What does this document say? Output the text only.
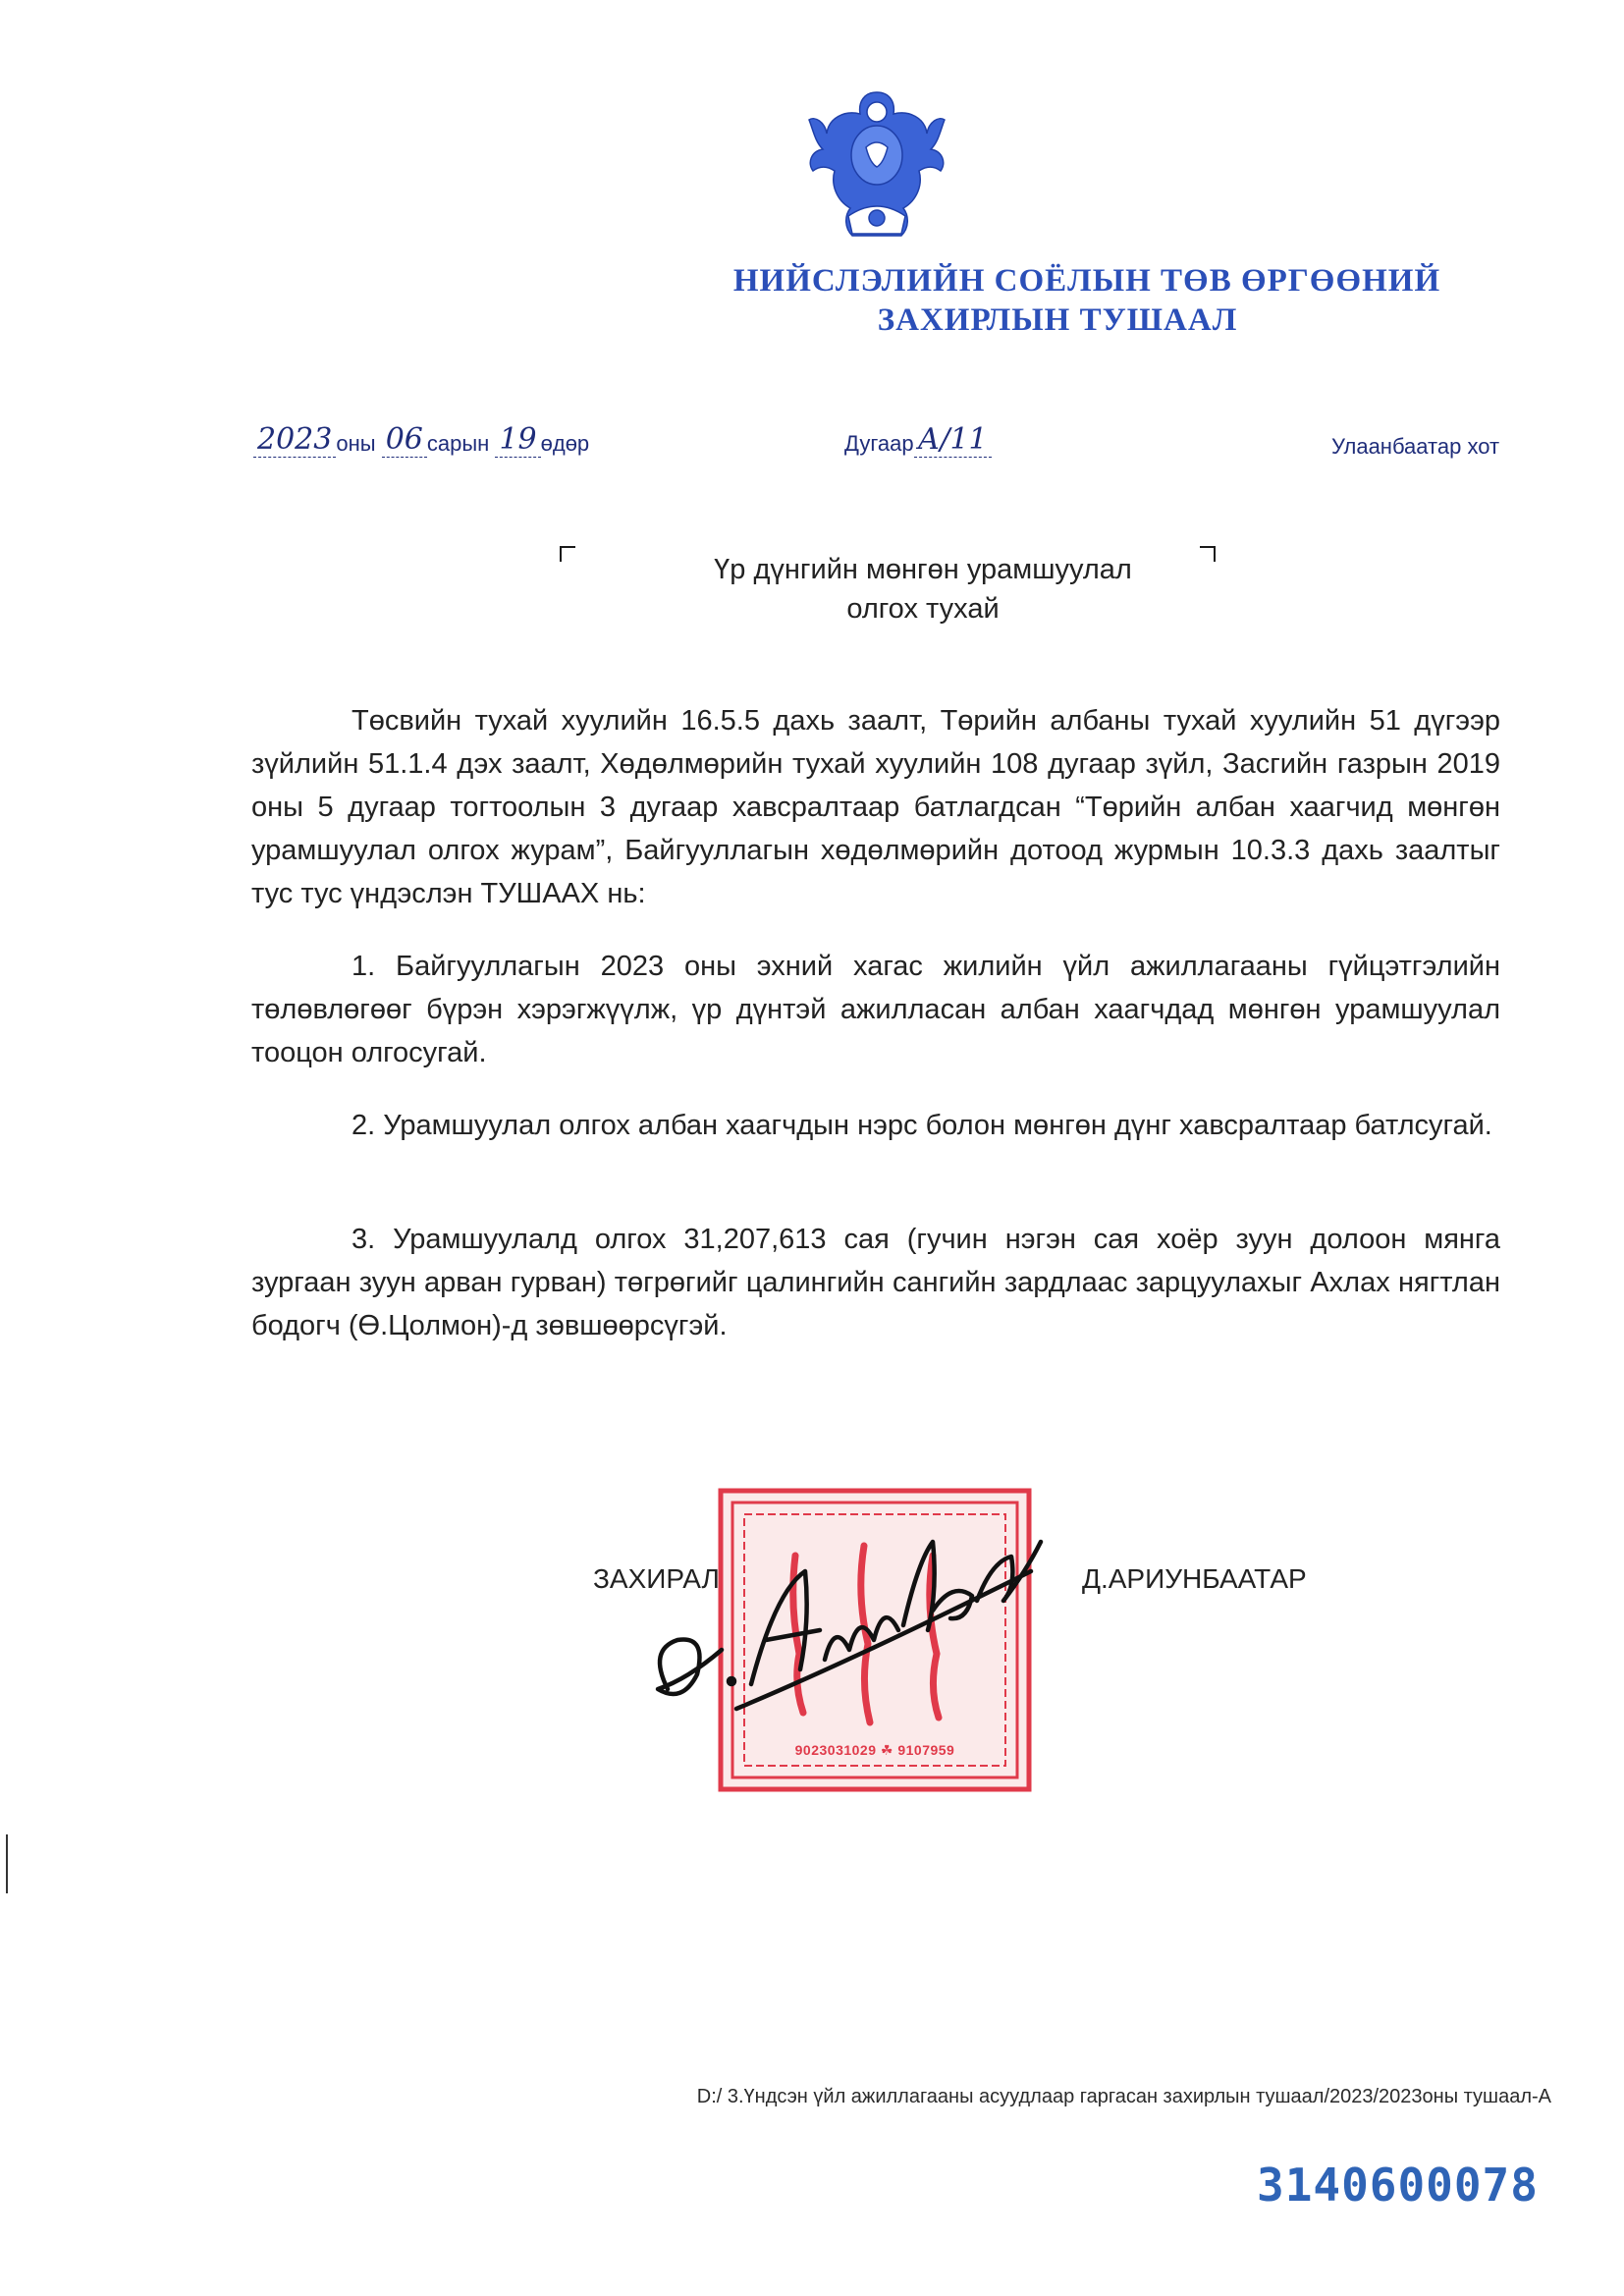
НИЙСЛЭЛИЙН СОЁЛЫН ТӨВ ӨРГӨӨНИЙ
ЗАХИРЛЫН ТУШААЛ
2023 оны 06 сарын 19 өдөр	Дугаар А/11	Улаанбаатар хот
Үр дүнгийн мөнгөн урамшуулал
олгох тухай
Төсвийн тухай хуулийн 16.5.5 дахь заалт, Төрийн албаны тухай хуулийн 51 дүгээр зүйлийн 51.1.4 дэх заалт, Хөдөлмөрийн тухай хуулийн 108 дугаар зүйл, Засгийн газрын 2019 оны 5 дугаар тогтоолын 3 дугаар хавсралтаар батлагдсан “Төрийн албан хаагчид мөнгөн урамшуулал олгох журам”, Байгууллагын хөдөлмөрийн дотоод журмын 10.3.3 дахь заалтыг тус тус үндэслэн ТУШААХ нь:
1. Байгууллагын 2023 оны эхний хагас жилийн үйл ажиллагааны гүйцэтгэлийн төлөвлөгөөг бүрэн хэрэгжүүлж, үр дүнтэй ажилласан албан хаагчдад мөнгөн урамшуулал тооцон олгосугай.
2. Урамшуулал олгох албан хаагчдын нэрс болон мөнгөн дүнг хавсралтаар батлсугай.
3. Урамшуулалд олгох 31,207,613 сая (гучин нэгэн сая хоёр зуун долоон мянга зургаан зуун арван гурван) төгрөгийг цалингийн сангийн зардлаас зарцуулахыг Ахлах нягтлан бодогч (Ө.Цолмон)-д зөвшөөрсүгэй.
9023031029 ☘ 9107959
ЗАХИРАЛ	Д.АРИУНБААТАР
D:/ 3.Үндсэн үйл ажиллагааны асуудлаар гаргасан захирлын тушаал/2023/2023оны тушаал-А
3140600078
